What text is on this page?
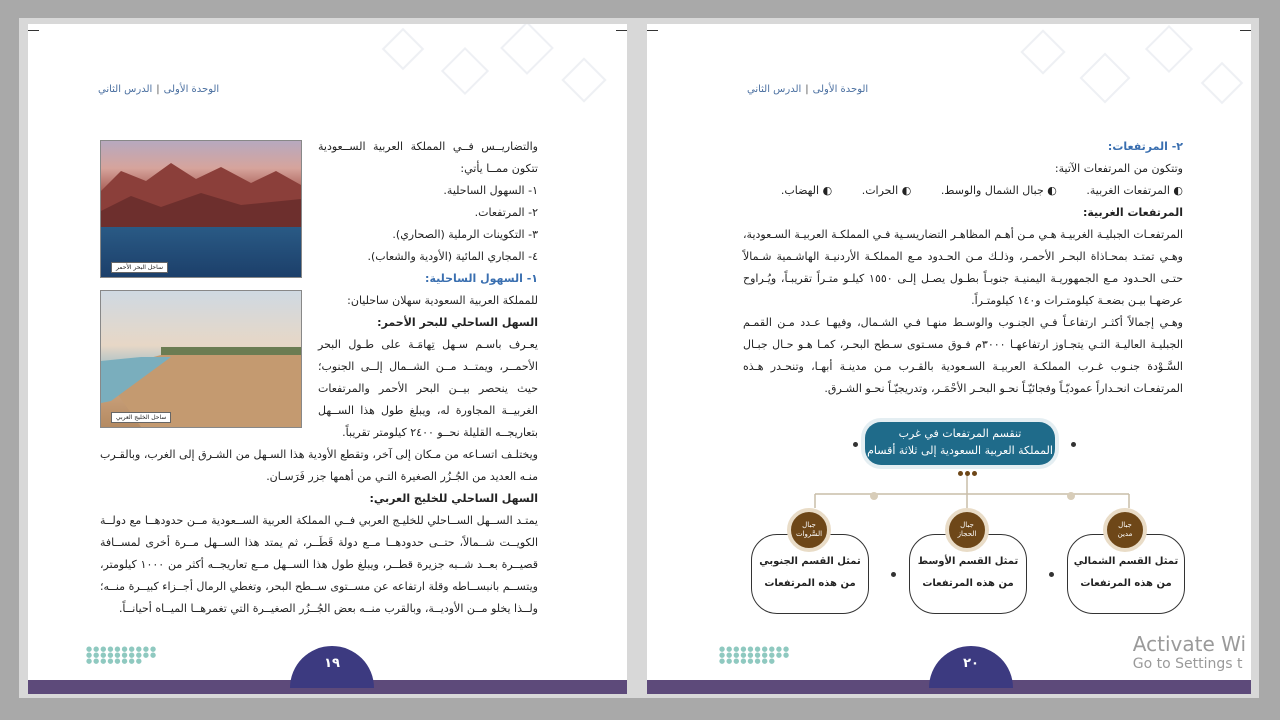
الوحدة الأولى|الدرس الثاني
ساحل البحر الأحمر
ساحل الخليج العربي

والتضاريــس فــي المملكة العربية الســعودية تتكون ممــا يأتي:

١- السهول الساحلية.

٢- المرتفعات.

٣- التكوينات الرملية (الصحاري).

٤- المجاري المائية (الأودية والشعاب).

١- السهول الساحلية:

للمملكة العربية السعودية سهلان ساحليان:

السهل الساحلي للبحر الأحمر:

يعـرف باسـم سـهل تِهامَـة على طـول البحر الأحمــر، ويمتــد مــن الشــمال إلــى الجنوب؛ حيث ينحصر بيــن البحر الأحمر والمرتفعات الغربيــة المجاورة له، ويبلغ طول هذا الســهل بتعاريجــه القليلة نحــو ٢٤٠٠ كيلومتر تقريباً.

ويختلـف اتسـاعه من مـكان إلى آخر، وتقطع الأودية هذا السـهل من الشـرق إلى الغرب، وبالقـرب منـه العديد من الجُـزُر الصغيرة التـي من أهمها جزر فَرَسـان.

السهل الساحلي للخليج العربي:

يمتـد الســهل الســاحلي للخليـج العربي فــي المملكة العربية الســعودية مــن حدودهــا مع دولــة الكويــت شــمالاً، حتــى حدودهــا مــع دولة قَطَــر، ثم يمتد هذا الســهل مــرة أخرى لمســافة قصيــرة بعــد شــبه جزيرة قطــر، ويبلغ طول هذا الســهل مــع تعاريجــه أكثر من ١٠٠٠ كيلومتر، ويتســم بانبســاطه وقلة ارتفاعه عن مســتوى ســطح البحر، وتغطي الرمال أجــزاء كبيــرة منــه؛ ولــذا يخلو مــن الأوديــة، وبالقرب منــه بعض الجُــزُر الصغيــرة التي تغمرهــا الميــاه أحيانــاً.

●●●●●●●●●●
●●●●●●●●●●
●●●●●●●●	١٩
الوحدة الأولى|الدرس الثاني

٢- المرتفعات:

وتتكون من المرتفعات الآتية:

◐ المرتفعات الغربية. ◐ جبال الشمال والوسط. ◐ الحرات. ◐ الهضاب.

المرتفعات الغربية:

المرتفعـات الجبليـة الغربيـة هـي مـن أهـم المظاهـر التضاريسـية فـي المملكـة العربيـة السـعودية، وهـي تمتـد بمحـاذاة البحـر الأحمـر، وذلـك مـن الحـدود مـع المملكـة الأردنيـة الهاشـمية شـمالاً حتـى الحـدود مـع الجمهوريـة اليمنيـة جنوبـاً بطـول يصـل إلـى ١٥٥٠ كيلـو متـراً تقريبـاً، ويُـراوح عرضهـا بيـن بضعـة كيلومتـرات و١٤٠ كيلومتـراً.

وهـي إجمالاً أكثـر ارتفاعـاً فـي الجنـوب والوسـط منهـا فـي الشـمال، وفيهـا عـدد مـن القمـم الجبليـة العاليـة التـي يتجـاوز ارتفاعهـا ٣٠٠٠م فـوق مسـتوى سـطح البحـر، كمـا هـو حـال جبـال السَّـوْدة جنـوب غـرب المملكـة العربيـة السـعودية بالقـرب مـن مدينـة أبهـا، وتنحـدر هـذه المرتفعـات انحـداراً عموديّـاً وفجائيّـاً نحـو البحـر الأحْمَـر، وتدريجيّـاً نحـو الشـرق.

تنقسم المرتفعات في غرب
المملكة العربية السعودية إلى ثلاثة أقسام
تمثل القسم الشمالي
من هذه المرتفعات
جبال
مدين
تمثل القسم الأوسط
من هذه المرتفعات
جبال
الحجاز
تمثل القسم الجنوبي
من هذه المرتفعات
جبال
السَّروات
●●●●●●●●●●
●●●●●●●●●●
●●●●●●●●	٢٠
Activate Wi
Go to Settings t
